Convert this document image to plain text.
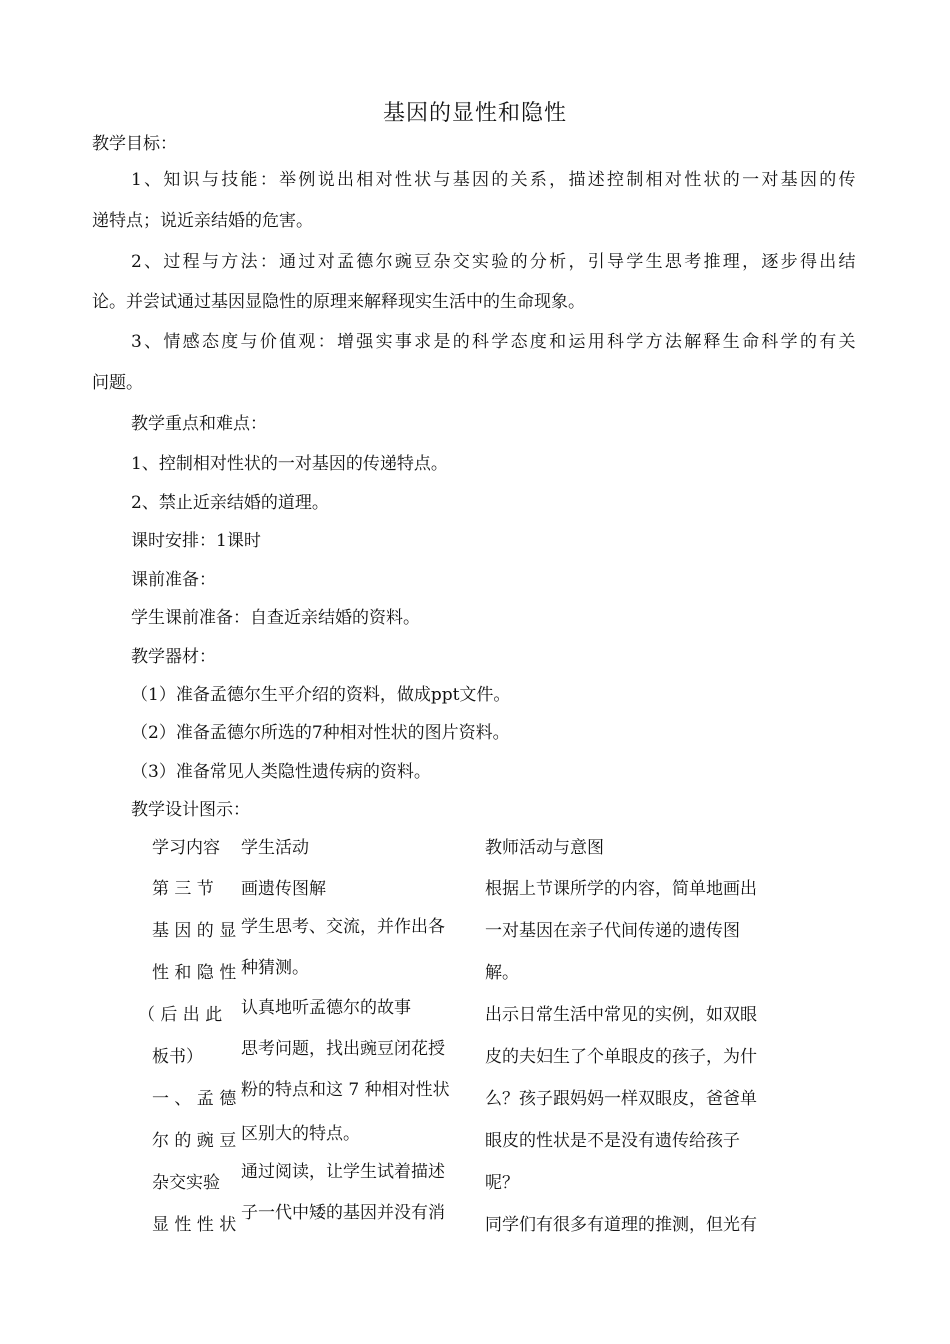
基因的显性和隐性
教学目标：
1、知识与技能：举例说出相对性状与基因的关系，描述控制相对性状的一对基因的传
递特点；说近亲结婚的危害。
2、过程与方法：通过对孟德尔豌豆杂交实验的分析，引导学生思考推理，逐步得出结
论。并尝试通过基因显隐性的原理来解释现实生活中的生命现象。
3、情感态度与价值观：增强实事求是的科学态度和运用科学方法解释生命科学的有关
问题。
教学重点和难点：
1、控制相对性状的一对基因的传递特点。
2、禁止近亲结婚的道理。
课时安排：1课时
课前准备：
学生课前准备：自查近亲结婚的资料。
教学器材：
（1）准备孟德尔生平介绍的资料，做成ppt文件。
（2）准备孟德尔所选的7种相对性状的图片资料。
（3）准备常见人类隐性遗传病的资料。
教学设计图示：
学习内容 学生活动	教师活动与意图
第 三 节
基 因 的 显
性 和 隐 性
（ 后 出 此
板书）
一 、 孟 德
尔 的 豌 豆
杂交实验
显 性 性 状
画遗传图解
学生思考、交流，并作出各
种猜测。
认真地听孟德尔的故事
思考问题，找出豌豆闭花授
粉的特点和这 7 种相对性状
区别大的特点。
通过阅读，让学生试着描述
子一代中矮的基因并没有消
根据上节课所学的内容，简单地画出
一对基因在亲子代间传递的遗传图
解。
出示日常生活中常见的实例，如双眼
皮的夫妇生了个单眼皮的孩子，为什
么？孩子跟妈妈一样双眼皮，爸爸单
眼皮的性状是不是没有遗传给孩子
呢？
同学们有很多有道理的推测，但光有
